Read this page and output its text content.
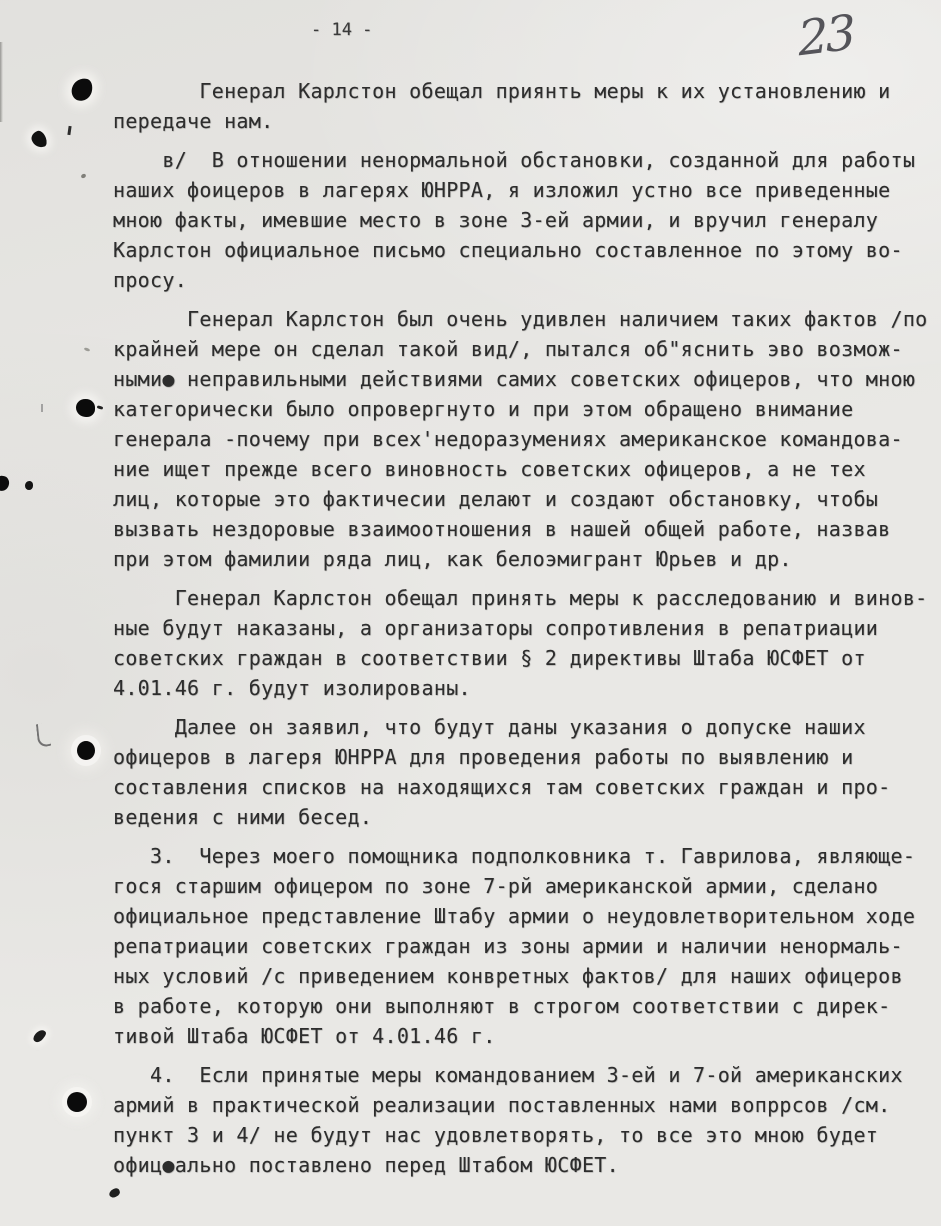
- 14 -	23
Генерал Карлстон обещал приянть меры к их установлению и
передаче нам.
в/  В отношении ненормальной обстановки, созданной для работы
наших фоицеров в лагерях ЮНРРА, я изложил устно все приведенные
мною факты, имевшие место в зоне 3-ей армии, и вручил генералу
Карлстон официальное письмо специально составленное по этому во-
просу.
Генерал Карлстон был очень удивлен наличием таких фактов /по
крайней мере он сделал такой вид/, пытался об"яснить эво возмож-
ными● неправильными действиями самих советских офицеров, что мною
категорически было опровергнуто и при этом обращено внимание
генерала -почему при всех'недоразумениях американское командова-
ние ищет прежде всего виновность советских офицеров, а не тех
лиц, которые это фактичесии делают и создают обстановку, чтобы
вызвать нездоровые взаимоотношения в нашей общей работе, назвав
при этом фамилии ряда лиц, как белоэмигрант Юрьев и др.
Генерал Карлстон обещал принять меры к расследованию и винов-
ные будут наказаны, а организаторы сопротивления в репатриации
советских граждан в соответствии § 2 директивы Штаба ЮСФЕТ от
4.01.46 г. будут изолированы.
Далее он заявил, что будут даны указания о допуске наших
офицеров в лагеря ЮНРРА для проведения работы по выявлению и
составления списков на находящихся там советских граждан и про-
ведения с ними бесед.
3.  Через моего помощника подполковника т. Гаврилова, являюще-
гося старшим офицером по зоне 7-рй американской армии, сделано
официальное представление Штабу армии о неудовлетворительном ходе
репатриации советских граждан из зоны армии и наличии ненормаль-
ных условий /с приведением конвретных фактов/ для наших офицеров
в работе, которую они выполняют в строгом соответствии с дирек-
тивой Штаба ЮСФЕТ от 4.01.46 г.
4.  Если принятые меры командованием 3-ей и 7-ой американских
армий в практической реализации поставленных нами вопррсов /см.
пункт 3 и 4/ не будут нас удовлетворять, то все это мною будет
офиц●ально поставлено перед Штабом ЮСФЕТ.
